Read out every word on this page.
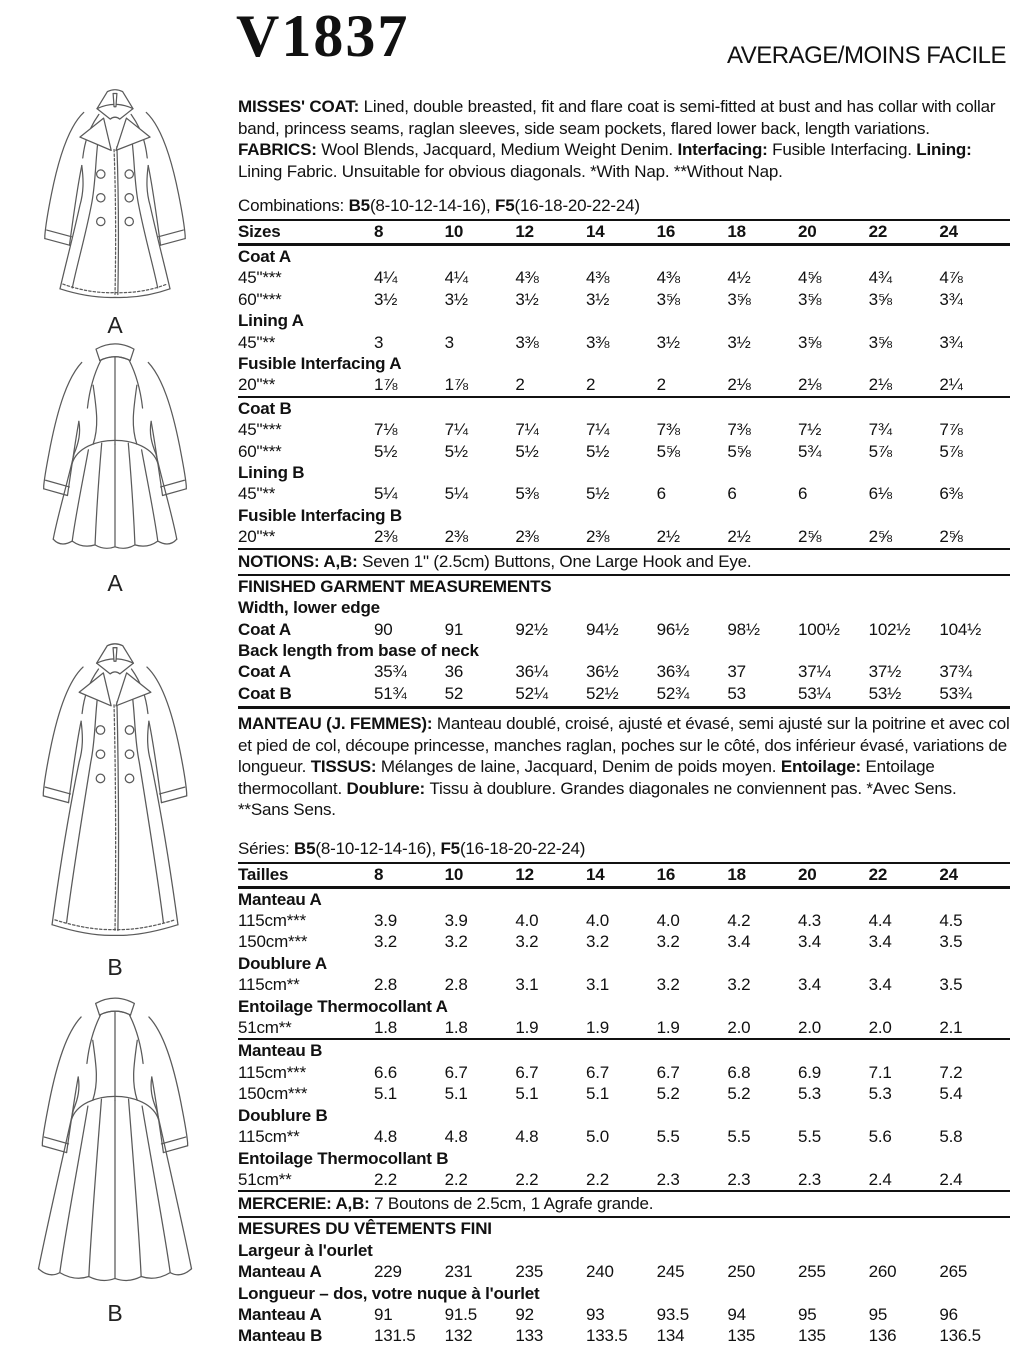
A
A
B
B
V1837	AVERAGE/MOINS FACILE

MISSES' COAT: Lined, double breasted, fit and flare coat is semi-fitted at bust and has collar with collar band, princess seams, raglan sleeves, side seam pockets, flared lower back, length variations. FABRICS: Wool Blends, Jacquard, Medium Weight Denim. Interfacing: Fusible Interfacing. Lining: Lining Fabric. Unsuitable for obvious diagonals. *With Nap. **Without Nap.

Combinations: B5(8-10-12-14-16), F5(16-18-20-22-24)

Sizes	8	10	12	14	16	18	20	22	24
Coat A
45"***	4¼	4¼	4⅜	4⅜	4⅜	4½	4⅝	4¾	4⅞
60"***	3½	3½	3½	3½	3⅝	3⅝	3⅝	3⅝	3¾
Lining A
45"**	3	3	3⅜	3⅜	3½	3½	3⅝	3⅝	3¾
Fusible Interfacing A
20"**	1⅞	1⅞	2	2	2	2⅛	2⅛	2⅛	2¼
Coat B
45"***	7⅛	7¼	7¼	7¼	7⅜	7⅜	7½	7¾	7⅞
60"***	5½	5½	5½	5½	5⅝	5⅝	5¾	5⅞	5⅞
Lining B
45"**	5¼	5¼	5⅜	5½	6	6	6	6⅛	6⅜
Fusible Interfacing B
20"**	2⅜	2⅜	2⅜	2⅜	2½	2½	2⅝	2⅝	2⅝

NOTIONS: A,B: Seven 1" (2.5cm) Buttons, One Large Hook and Eye.

FINISHED GARMENT MEASUREMENTS
Width, lower edge
Coat A	90	91	92½	94½	96½	98½	100½	102½	104½
Back length from base of neck
Coat A	35¾	36	36¼	36½	36¾	37	37¼	37½	37¾
Coat B	51¾	52	52¼	52½	52¾	53	53¼	53½	53¾

MANTEAU (J. FEMMES): Manteau doublé, croisé, ajusté et évasé, semi ajusté sur la poitrine et avec col et pied de col, découpe princesse, manches raglan, poches sur le côté, dos inférieur évasé, variations de longueur. TISSUS: Mélanges de laine, Jacquard, Denim de poids moyen. Entoilage: Entoilage thermocollant. Doublure: Tissu à doublure. Grandes diagonales ne conviennent pas. *Avec Sens. **Sans Sens.

Séries: B5(8-10-12-14-16), F5(16-18-20-22-24)

Tailles	8	10	12	14	16	18	20	22	24
Manteau A
115cm***	3.9	3.9	4.0	4.0	4.0	4.2	4.3	4.4	4.5
150cm***	3.2	3.2	3.2	3.2	3.2	3.4	3.4	3.4	3.5
Doublure A
115cm**	2.8	2.8	3.1	3.1	3.2	3.2	3.4	3.4	3.5
Entoilage Thermocollant A
51cm**	1.8	1.8	1.9	1.9	1.9	2.0	2.0	2.0	2.1
Manteau B
115cm***	6.6	6.7	6.7	6.7	6.7	6.8	6.9	7.1	7.2
150cm***	5.1	5.1	5.1	5.1	5.2	5.2	5.3	5.3	5.4
Doublure B
115cm**	4.8	4.8	4.8	5.0	5.5	5.5	5.5	5.6	5.8
Entoilage Thermocollant B
51cm**	2.2	2.2	2.2	2.2	2.3	2.3	2.3	2.4	2.4

MERCERIE: A,B: 7 Boutons de 2.5cm, 1 Agrafe grande.

MESURES DU VÊTEMENTS FINI
Largeur à l'ourlet
Manteau A	229	231	235	240	245	250	255	260	265
Longueur – dos, votre nuque à l'ourlet
Manteau A	91	91.5	92	93	93.5	94	95	95	96
Manteau B	131.5	132	133	133.5	134	135	135	136	136.5
